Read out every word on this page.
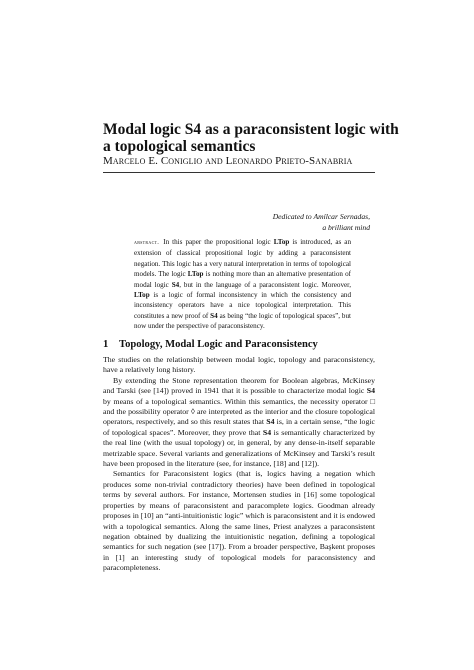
Modal logic S4 as a paraconsistent logic with a topological semantics
Marcelo E. Coniglio and Leonardo Prieto-Sanabria
Dedicated to Amílcar Sernadas,
a brilliant mind

abstract. In this paper the propositional logic LTop is introduced, as an extension of classical propositional logic by adding a paraconsistent negation. This logic has a very natural interpretation in terms of topological models. The logic LTop is nothing more than an alternative presentation of modal logic S4, but in the language of a paraconsistent logic. Moreover, LTop is a logic of formal inconsistency in which the consistency and inconsistency operators have a nice topological interpretation. This constitutes a new proof of S4 as being “the logic of topological spaces”, but now under the perspective of paraconsistency.

1 Topology, Modal Logic and Paraconsistency

The studies on the relationship between modal logic, topology and paraconsistency, have a relatively long history.

By extending the Stone representation theorem for Boolean algebras, McKinsey and Tarski (see [14]) proved in 1941 that it is possible to characterize modal logic S4 by means of a topological semantics. Within this semantics, the necessity operator □ and the possibility operator ◊ are interpreted as the interior and the closure topological operators, respectively, and so this result states that S4 is, in a certain sense, “the logic of topological spaces”. Moreover, they prove that S4 is semantically characterized by the real line (with the usual topology) or, in general, by any dense-in-itself separable metrizable space. Several variants and generalizations of McKinsey and Tarski’s result have been proposed in the literature (see, for instance, [18] and [12]).

Semantics for Paraconsistent logics (that is, logics having a negation which produces some non-trivial contradictory theories) have been defined in topological terms by several authors. For instance, Mortensen studies in [16] some topological properties by means of paraconsistent and paracomplete logics. Goodman already proposes in [10] an “anti-intuitionistic logic” which is paraconsistent and it is endowed with a topological semantics. Along the same lines, Priest analyzes a paraconsistent negation obtained by dualizing the intuitionistic negation, defining a topological semantics for such negation (see [17]). From a broader perspective, Başkent proposes in [1] an interesting study of topological models for paraconsistency and paracompleteness.
